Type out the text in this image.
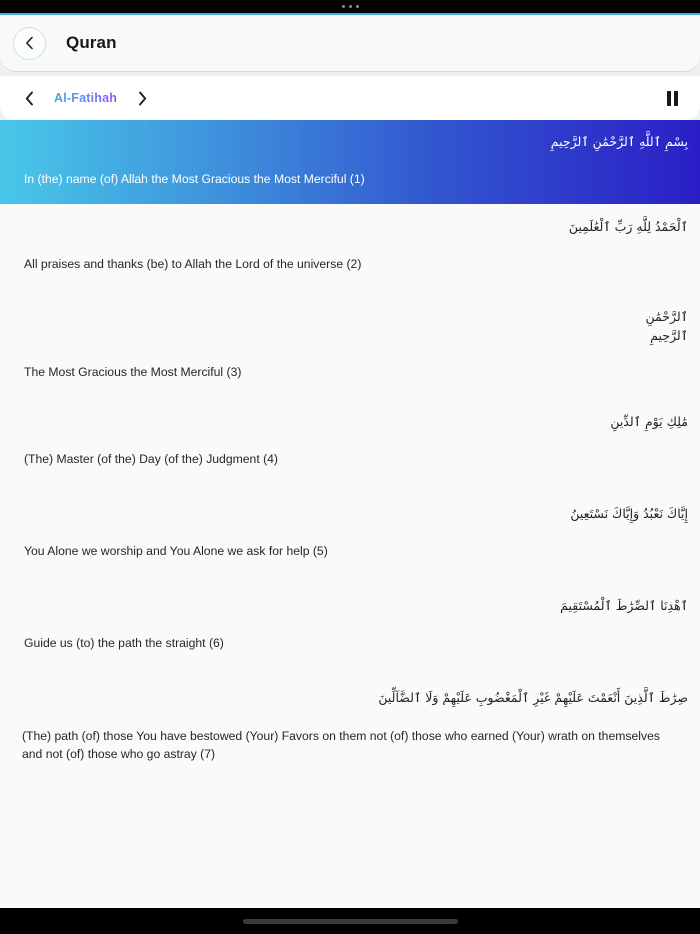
Quran
Al-Fatihah
بِسْمِ ٱللَّهِ ٱلرَّحْمَٰنِ ٱلرَّحِيمِ
In (the) name (of) Allah the Most Gracious the Most Merciful (1)
ٱلْحَمْدُ لِلَّهِ رَبِّ ٱلْعَٰلَمِينَ
All praises and thanks (be) to Allah the Lord of the universe (2)
ٱلرَّحْمَٰنِ ٱلرَّحِيمِ
The Most Gracious the Most Merciful (3)
مَٰلِكِ يَوْمِ ٱلدِّينِ
(The) Master (of the) Day (of the) Judgment (4)
إِيَّاكَ نَعْبُدُ وَإِيَّاكَ نَسْتَعِينُ
You Alone we worship and You Alone we ask for help (5)
ٱهْدِنَا ٱلصِّرَٰطَ ٱلْمُسْتَقِيمَ
Guide us (to) the path the straight (6)
صِرَٰطَ ٱلَّذِينَ أَنْعَمْتَ عَلَيْهِمْ غَيْرِ ٱلْمَغْضُوبِ عَلَيْهِمْ وَلَا ٱلضَّآلِّينَ
(The) path (of) those You have bestowed (Your) Favors on them not (of) those who earned (Your) wrath on themselves and not (of) those who go astray (7)
